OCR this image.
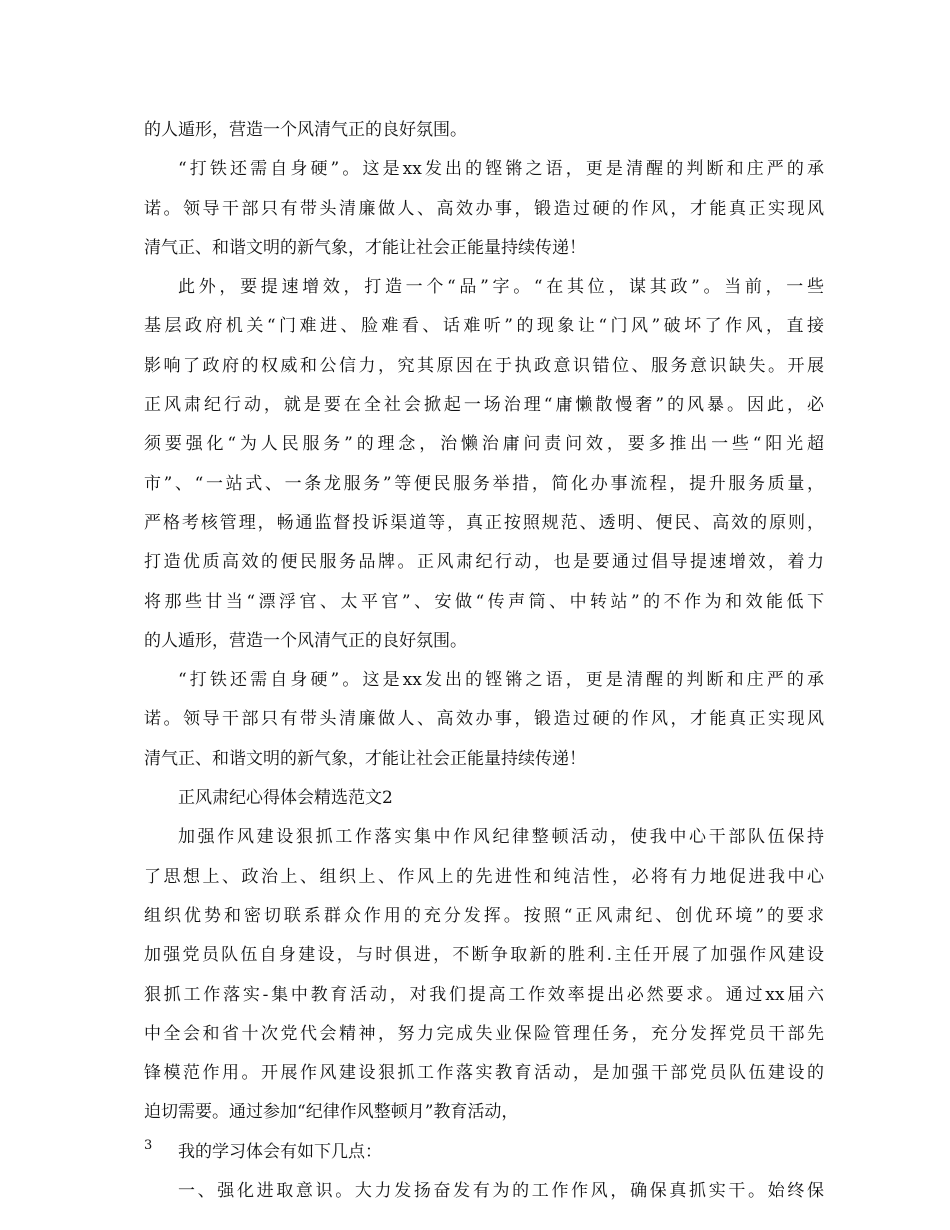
的人遁形，营造一个风清气正的良好氛围。
“打铁还需自身硬”。这是xx发出的铿锵之语，更是清醒的判断和庄严的承
诺。领导干部只有带头清廉做人、高效办事，锻造过硬的作风，才能真正实现风
清气正、和谐文明的新气象，才能让社会正能量持续传递！
此外，要提速增效，打造一个“品”字。“在其位，谋其政”。当前，一些
基层政府机关“门难进、脸难看、话难听”的现象让“门风”破坏了作风，直接
影响了政府的权威和公信力，究其原因在于执政意识错位、服务意识缺失。开展
正风肃纪行动，就是要在全社会掀起一场治理“庸懒散慢奢”的风暴。因此，必
须要强化“为人民服务”的理念，治懒治庸问责问效，要多推出一些“阳光超
市”、“一站式、一条龙服务”等便民服务举措，简化办事流程，提升服务质量，
严格考核管理，畅通监督投诉渠道等，真正按照规范、透明、便民、高效的原则，
打造优质高效的便民服务品牌。正风肃纪行动，也是要通过倡导提速增效，着力
将那些甘当“漂浮官、太平官”、安做“传声筒、中转站”的不作为和效能低下
的人遁形，营造一个风清气正的良好氛围。
“打铁还需自身硬”。这是xx发出的铿锵之语，更是清醒的判断和庄严的承
诺。领导干部只有带头清廉做人、高效办事，锻造过硬的作风，才能真正实现风
清气正、和谐文明的新气象，才能让社会正能量持续传递！
正风肃纪心得体会精选范文2
加强作风建设狠抓工作落实集中作风纪律整顿活动，使我中心干部队伍保持
了思想上、政治上、组织上、作风上的先进性和纯洁性，必将有力地促进我中心
组织优势和密切联系群众作用的充分发挥。按照“正风肃纪、创优环境”的要求
加强党员队伍自身建设，与时俱进，不断争取新的胜利.主任开展了加强作风建设
狠抓工作落实-集中教育活动，对我们提高工作效率提出必然要求。通过xx届六
中全会和省十次党代会精神，努力完成失业保险管理任务，充分发挥党员干部先
锋模范作用。开展作风建设狠抓工作落实教育活动，是加强干部党员队伍建设的
迫切需要。通过参加“纪律作风整顿月”教育活动，
我的学习体会有如下几点：
一、强化进取意识。大力发扬奋发有为的工作作风，确保真抓实干。始终保
3
